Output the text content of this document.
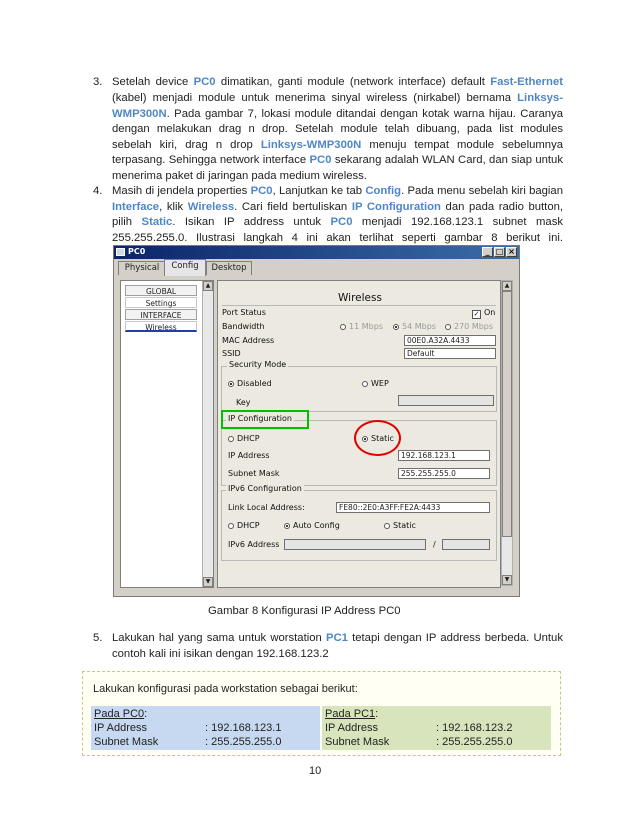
3. Setelah device PC0 dimatikan, ganti module (network interface) default Fast-Ethernet
(kabel) menjadi module untuk menerima sinyal wireless (nirkabel) bernama Linksys-
WMP300N. Pada gambar 7, lokasi module ditandai dengan kotak warna hijau. Caranya
dengan melakukan drag n drop. Setelah module telah dibuang, pada list modules
sebelah kiri, drag n drop Linksys-WMP300N menuju tempat module sebelumnya
terpasang. Sehingga network interface PC0 sekarang adalah WLAN Card, dan siap untuk
menerima paket di jaringan pada medium wireless.
4. Masih di jendela properties PC0, Lanjutkan ke tab Config. Pada menu sebelah kiri bagian
Interface, klik Wireless. Cari field bertuliskan IP Configuration dan pada radio button,
pilih Static. Isikan IP address untuk PC0 menjadi 192.168.123.1 subnet mask
255.255.255.0. Ilustrasi langkah 4 ini akan terlihat seperti gambar 8 berikut ini.
PC0	_ □ ×
Physical	Config	Desktop
GLOBAL
Settings
INTERFACE
Wireless
▲
▼
Wireless
Port Status	✓ On
Bandwidth	11 Mbps	54 Mbps	270 Mbps
MAC Address	00E0.A32A.4433
SSID	Default
Security Mode
Disabled	WEP
Key
IP Configuration
DHCP	Static
IP Address	192.168.123.1
Subnet Mask	255.255.255.0
IPv6 Configuration
Link Local Address:	FE80::2E0:A3FF:FE2A:4433
DHCP	Auto Config	Static
IPv6 Address	/
▲
▼
Gambar 8 Konfigurasi IP Address PC0
5. Lakukan hal yang sama untuk worstation PC1 tetapi dengan IP address berbeda. Untuk
contoh kali ini isikan dengan 192.168.123.2
Lakukan konfigurasi pada workstation sebagai berikut:
Pada PC0:
IP Address	: 192.168.123.1
Subnet Mask	: 255.255.255.0
Pada PC1:
IP Address	: 192.168.123.2
Subnet Mask	: 255.255.255.0
10
